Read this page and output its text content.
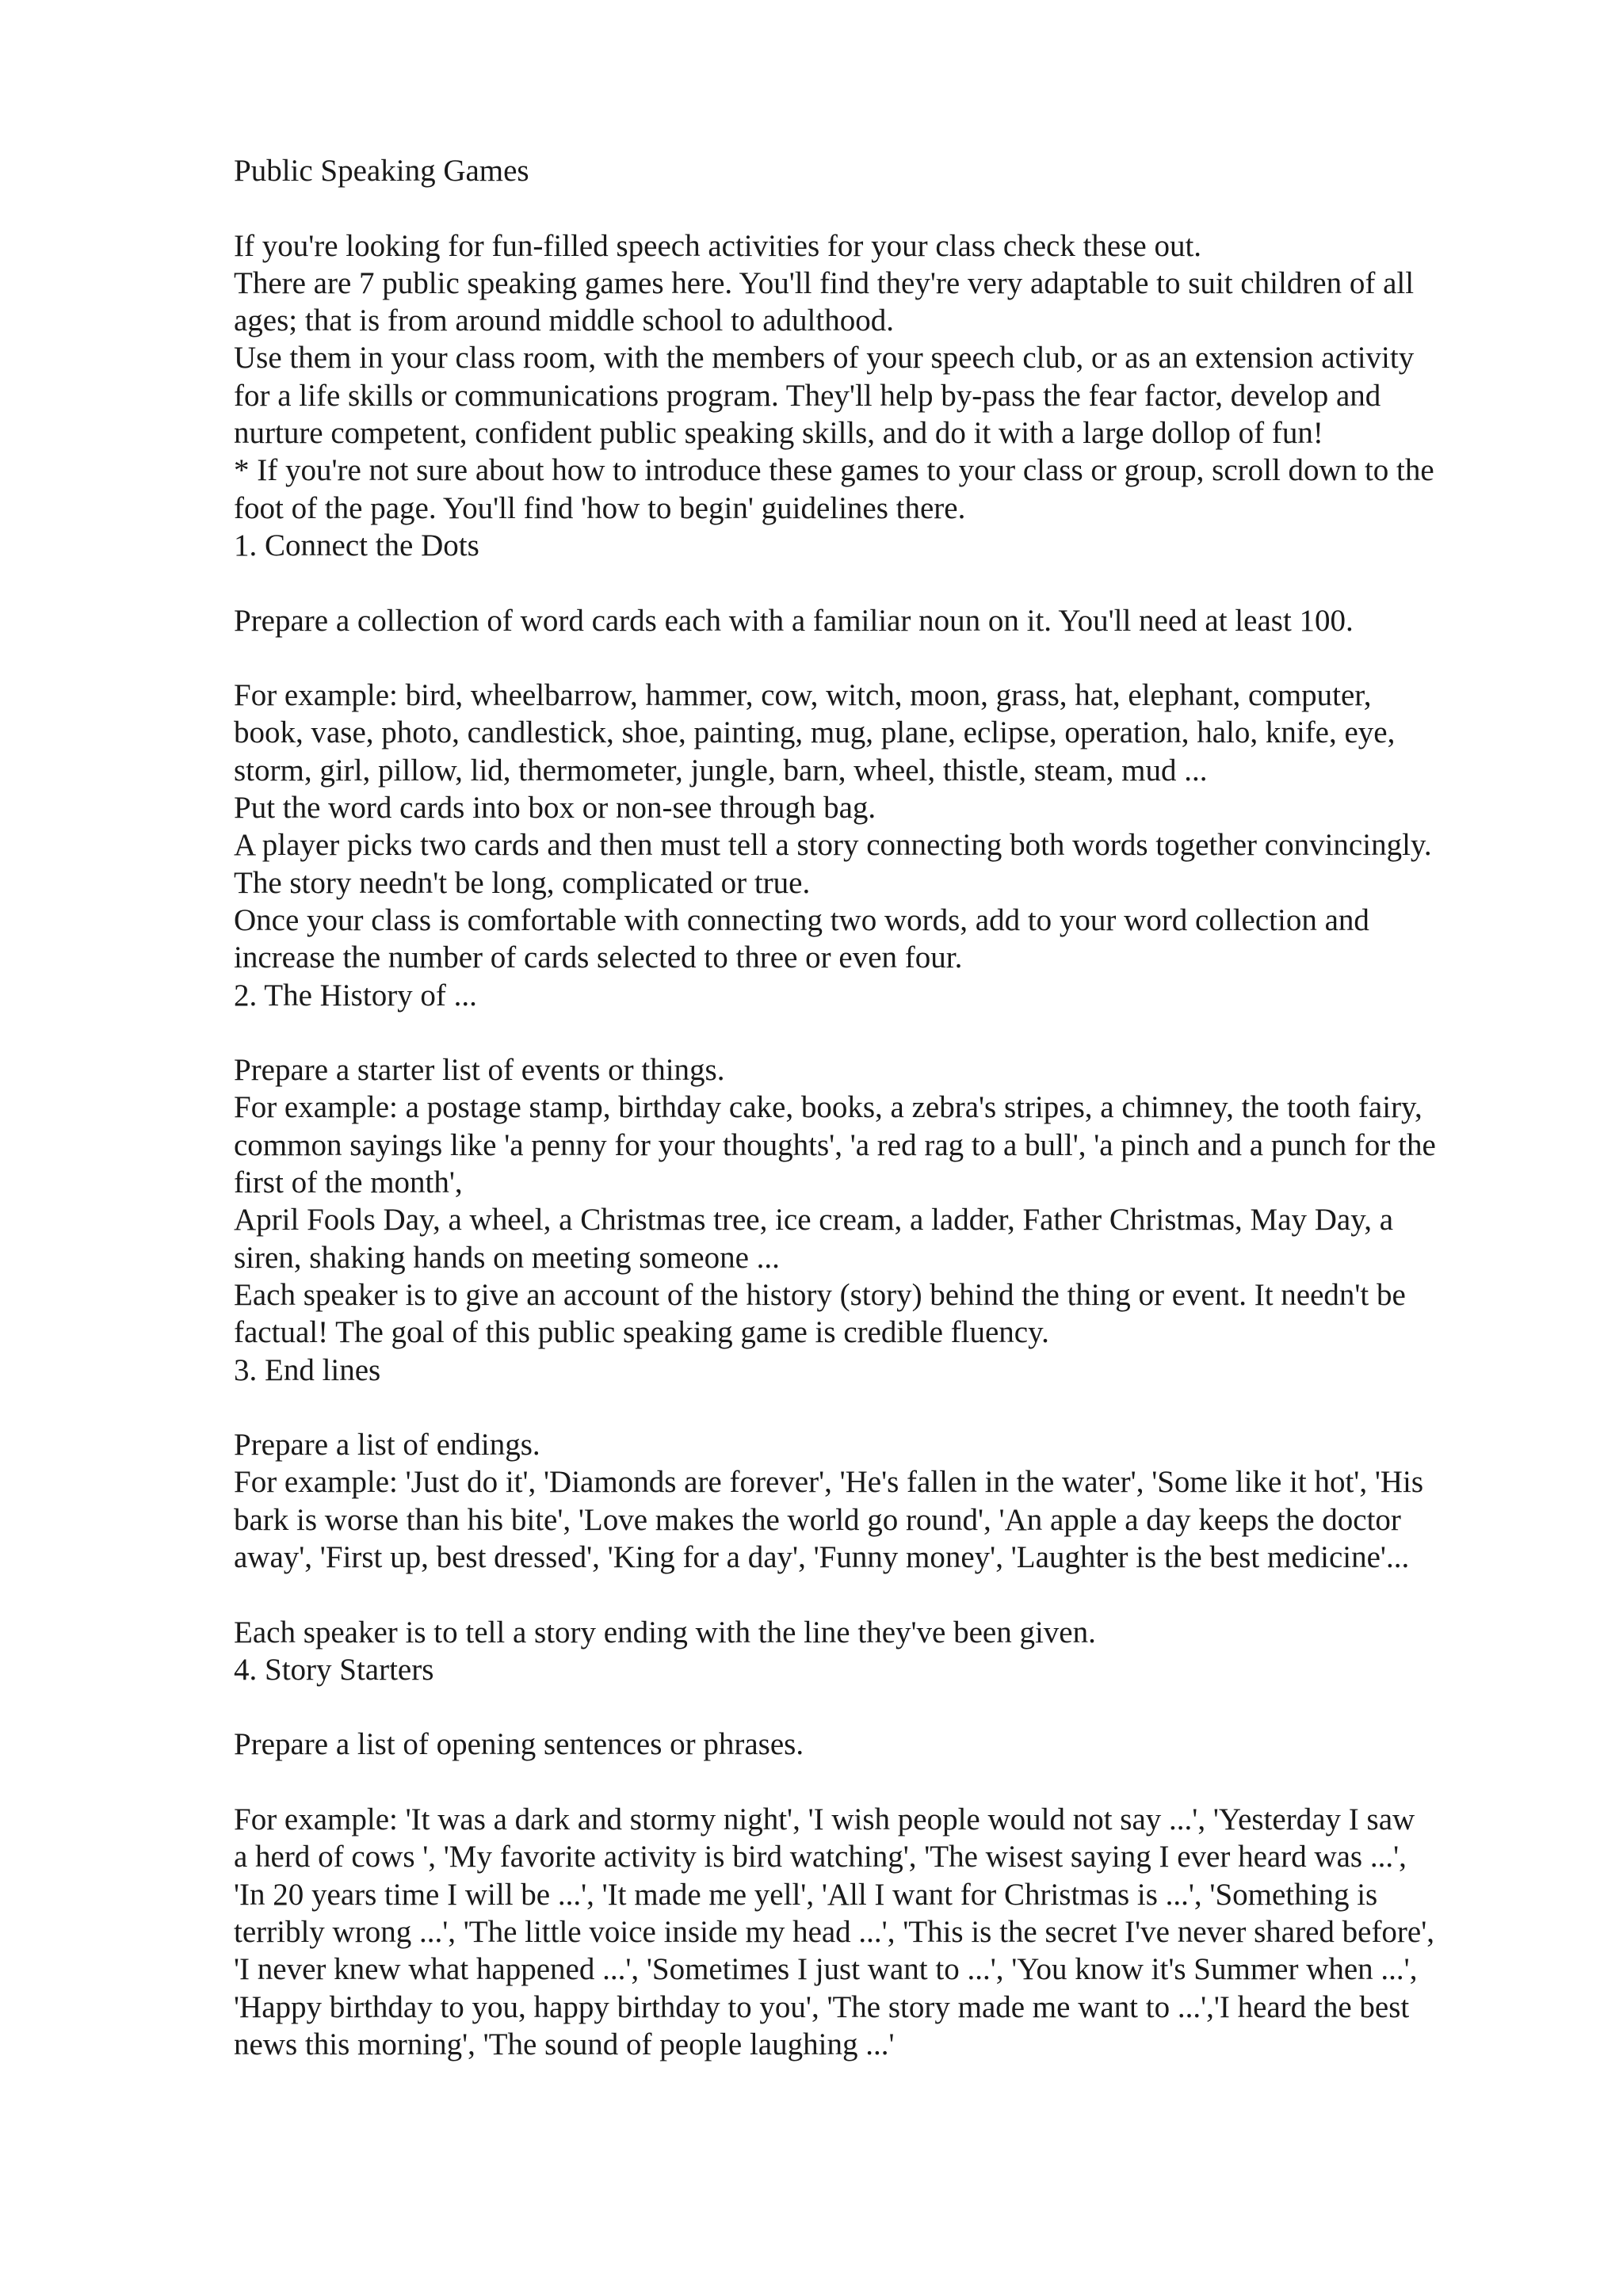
Public Speaking Games
If you're looking for fun-filled speech activities for your class check these out.
There are 7 public speaking games here. You'll find they're very adaptable to suit children of all
ages; that is from around middle school to adulthood.
Use them in your class room, with the members of your speech club, or as an extension activity
for a life skills or communications program. They'll help by-pass the fear factor, develop and
nurture competent, confident public speaking skills, and do it with a large dollop of fun!
* If you're not sure about how to introduce these games to your class or group, scroll down to the
foot of the page. You'll find 'how to begin' guidelines there.
1. Connect the Dots
Prepare a collection of word cards each with a familiar noun on it. You'll need at least 100.
For example: bird, wheelbarrow, hammer, cow, witch, moon, grass, hat, elephant, computer,
book, vase, photo, candlestick, shoe, painting, mug, plane, eclipse, operation, halo, knife, eye,
storm, girl, pillow, lid, thermometer, jungle, barn, wheel, thistle, steam, mud ...
Put the word cards into box or non-see through bag.
A player picks two cards and then must tell a story connecting both words together convincingly.
The story needn't be long, complicated or true.
Once your class is comfortable with connecting two words, add to your word collection and
increase the number of cards selected to three or even four.
2. The History of ...
Prepare a starter list of events or things.
For example: a postage stamp, birthday cake, books, a zebra's stripes, a chimney, the tooth fairy,
common sayings like 'a penny for your thoughts', 'a red rag to a bull', 'a pinch and a punch for the
first of the month',
April Fools Day, a wheel, a Christmas tree, ice cream, a ladder, Father Christmas, May Day, a
siren, shaking hands on meeting someone ...
Each speaker is to give an account of the history (story) behind the thing or event. It needn't be
factual! The goal of this public speaking game is credible fluency.
3. End lines
Prepare a list of endings.
For example: 'Just do it', 'Diamonds are forever', 'He's fallen in the water', 'Some like it hot', 'His
bark is worse than his bite', 'Love makes the world go round', 'An apple a day keeps the doctor
away', 'First up, best dressed', 'King for a day', 'Funny money', 'Laughter is the best medicine'...
Each speaker is to tell a story ending with the line they've been given.
4. Story Starters
Prepare a list of opening sentences or phrases.
For example: 'It was a dark and stormy night', 'I wish people would not say ...', 'Yesterday I saw
a herd of cows ', 'My favorite activity is bird watching', 'The wisest saying I ever heard was ...',
'In 20 years time I will be ...', 'It made me yell', 'All I want for Christmas is ...', 'Something is
terribly wrong ...', 'The little voice inside my head ...', 'This is the secret I've never shared before',
'I never knew what happened ...', 'Sometimes I just want to ...', 'You know it's Summer when ...',
'Happy birthday to you, happy birthday to you', 'The story made me want to ...','I heard the best
news this morning', 'The sound of people laughing ...'
